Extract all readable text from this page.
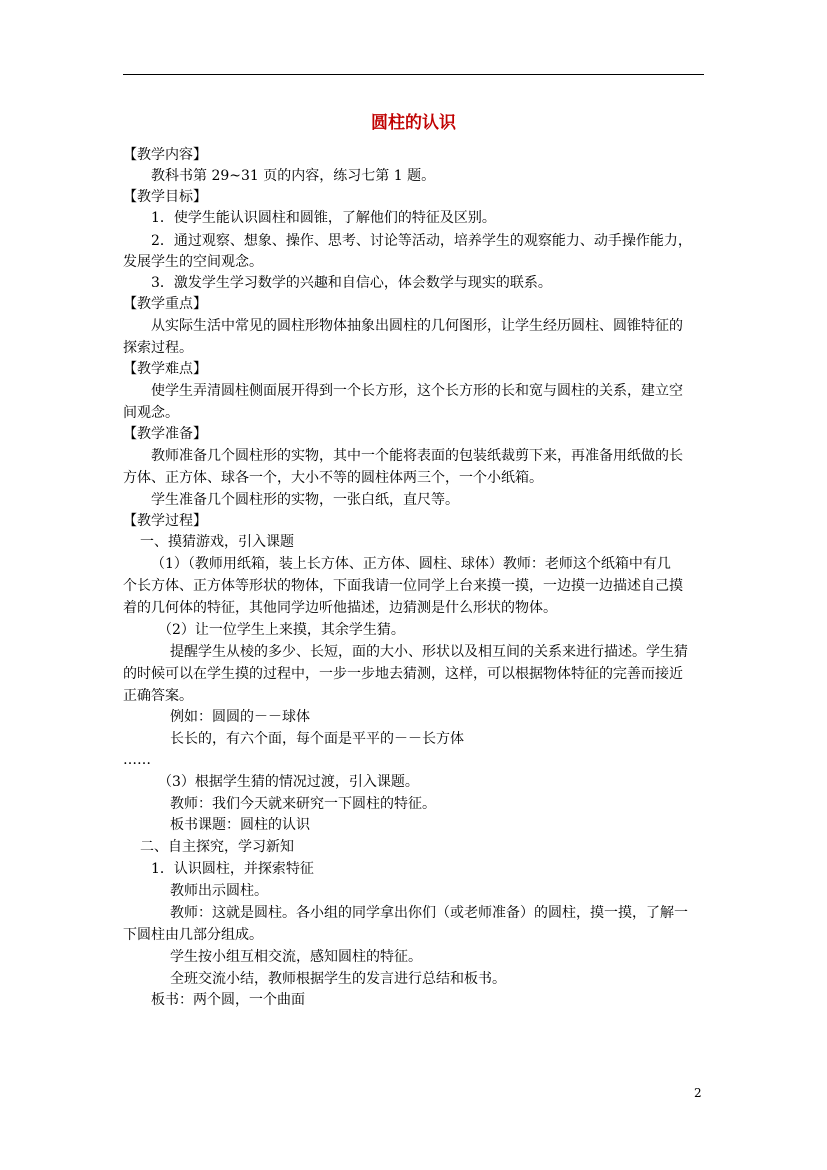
圆柱的认识
【教学内容】
教科书第 29~31 页的内容，练习七第 1 题。
【教学目标】
1．使学生能认识圆柱和圆锥，了解他们的特征及区别。
2．通过观察、想象、操作、思考、讨论等活动，培养学生的观察能力、动手操作能力，
发展学生的空间观念。
3．激发学生学习数学的兴趣和自信心，体会数学与现实的联系。
【教学重点】
从实际生活中常见的圆柱形物体抽象出圆柱的几何图形，让学生经历圆柱、圆锥特征的
探索过程。
【教学难点】
使学生弄清圆柱侧面展开得到一个长方形，这个长方形的长和宽与圆柱的关系，建立空
间观念。
【教学准备】
教师准备几个圆柱形的实物，其中一个能将表面的包装纸裁剪下来，再准备用纸做的长
方体、正方体、球各一个，大小不等的圆柱体两三个，一个小纸箱。
学生准备几个圆柱形的实物，一张白纸，直尺等。
【教学过程】
一、摸猜游戏，引入课题
（1）（教师用纸箱，装上长方体、正方体、圆柱、球体）教师：老师这个纸箱中有几
个长方体、正方体等形状的物体，下面我请一位同学上台来摸一摸，一边摸一边描述自己摸
着的几何体的特征，其他同学边听他描述，边猜测是什么形状的物体。
（2）让一位学生上来摸，其余学生猜。
提醒学生从棱的多少、长短，面的大小、形状以及相互间的关系来进行描述。学生猜
的时候可以在学生摸的过程中，一步一步地去猜测，这样，可以根据物体特征的完善而接近
正确答案。
例如：圆圆的－－球体
长长的，有六个面，每个面是平平的－－长方体
……
（3）根据学生猜的情况过渡，引入课题。
教师：我们今天就来研究一下圆柱的特征。
板书课题：圆柱的认识
二、自主探究，学习新知
1．认识圆柱，并探索特征
教师出示圆柱。
教师：这就是圆柱。各小组的同学拿出你们（或老师准备）的圆柱，摸一摸，了解一
下圆柱由几部分组成。
学生按小组互相交流，感知圆柱的特征。
全班交流小结，教师根据学生的发言进行总结和板书。
板书：两个圆，一个曲面
2
